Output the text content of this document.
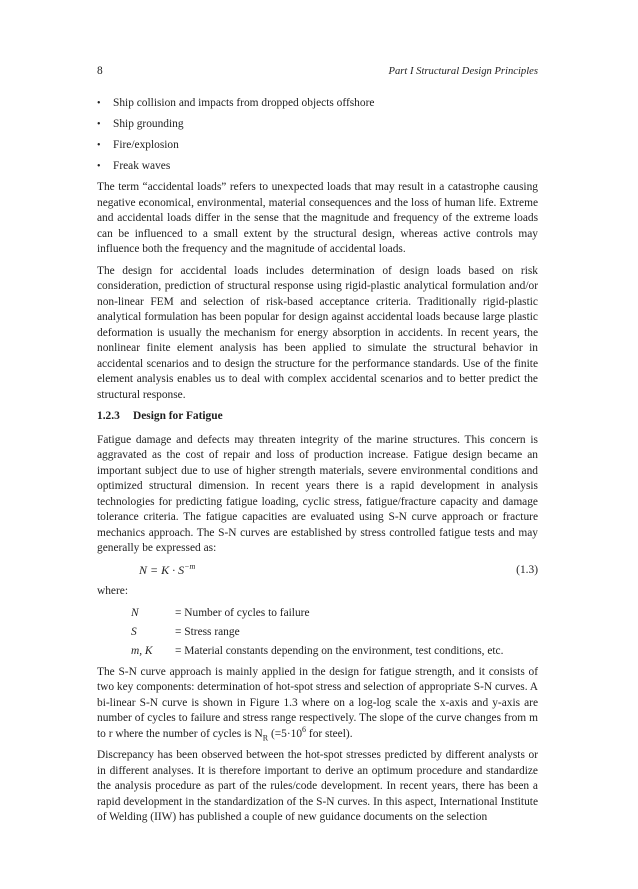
8	Part I Structural Design Principles
• Ship collision and impacts from dropped objects offshore
• Ship grounding
• Fire/explosion
• Freak waves

The term “accidental loads” refers to unexpected loads that may result in a catastrophe causing negative economical, environmental, material consequences and the loss of human life. Extreme and accidental loads differ in the sense that the magnitude and frequency of the extreme loads can be influenced to a small extent by the structural design, whereas active controls may influence both the frequency and the magnitude of accidental loads.

The design for accidental loads includes determination of design loads based on risk consideration, prediction of structural response using rigid-plastic analytical formulation and/or non-linear FEM and selection of risk-based acceptance criteria. Traditionally rigid-plastic analytical formulation has been popular for design against accidental loads because large plastic deformation is usually the mechanism for energy absorption in accidents. In recent years, the nonlinear finite element analysis has been applied to simulate the structural behavior in accidental scenarios and to design the structure for the performance standards. Use of the finite element analysis enables us to deal with complex accidental scenarios and to better predict the structural response.

1.2.3 Design for Fatigue

Fatigue damage and defects may threaten integrity of the marine structures. This concern is aggravated as the cost of repair and loss of production increase. Fatigue design became an important subject due to use of higher strength materials, severe environmental conditions and optimized structural dimension. In recent years there is a rapid development in analysis technologies for predicting fatigue loading, cyclic stress, fatigue/fracture capacity and damage tolerance criteria. The fatigue capacities are evaluated using S-N curve approach or fracture mechanics approach. The S-N curves are established by stress controlled fatigue tests and may generally be expressed as:

$N = K \cdot S^{-m}$	(1.3)
where:
N	= Number of cycles to failure
S	= Stress range
m, K	= Material constants depending on the environment, test conditions, etc.

The S-N curve approach is mainly applied in the design for fatigue strength, and it consists of two key components: determination of hot-spot stress and selection of appropriate S-N curves. A bi-linear S-N curve is shown in Figure 1.3 where on a log-log scale the x-axis and y-axis are number of cycles to failure and stress range respectively. The slope of the curve changes from m to r where the number of cycles is $N_R$ ($=5\cdot 10^6$ for steel).

Discrepancy has been observed between the hot-spot stresses predicted by different analysts or in different analyses. It is therefore important to derive an optimum procedure and standardize the analysis procedure as part of the rules/code development. In recent years, there has been a rapid development in the standardization of the S-N curves. In this aspect, International Institute of Welding (IIW) has published a couple of new guidance documents on the selection
